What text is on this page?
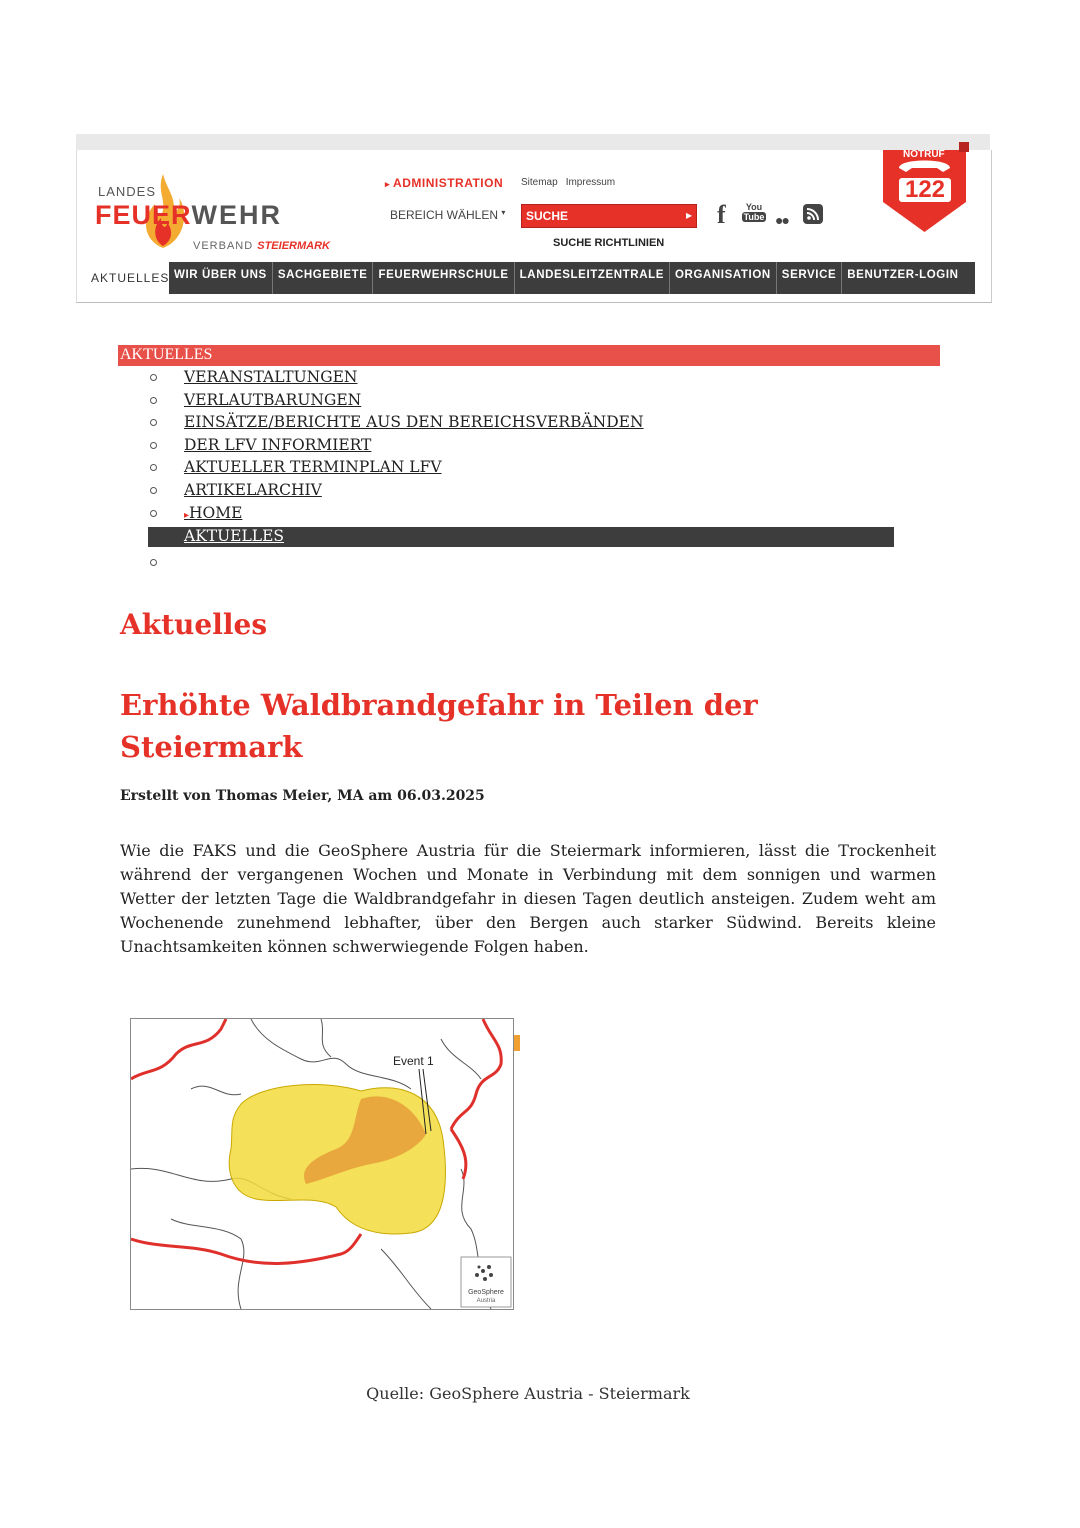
LANDES
FEUERWEHR
VERBAND STEIERMARK
▸ ADMINISTRATION Sitemap Impressum
BEREICH WÄHLEN ▾
SUCHE	▸
SUCHE RICHTLINIEN
f	You
Tube ●●
NOTRUF
122
AKTUELLES WIR ÜBER UNS SACHGEBIETE FEUERWEHRSCHULE LANDESLEITZENTRALE ORGANISATION SERVICE BENUTZER-LOGIN
AKTUELLES
VERANSTALTUNGEN
VERLAUTBARUNGEN
EINSÄTZE/BERICHTE AUS DEN BEREICHSVERBÄNDEN
DER LFV INFORMIERT
AKTUELLER TERMINPLAN LFV
ARTIKELARCHIV
▸HOME
AKTUELLES
Aktuelles
Erhöhte Waldbrandgefahr in Teilen der Steiermark
Erstellt von Thomas Meier, MA am 06.03.2025

Wie die FAKS und die GeoSphere Austria für die Steiermark informieren, lässt die Trockenheit während der vergangenen Wochen und Monate in Verbindung mit dem sonnigen und warmen Wetter der letzten Tage die Waldbrandgefahr in diesen Tagen deutlich ansteigen. Zudem weht am Wochenende zunehmend lebhafter, über den Bergen auch starker Südwind. Bereits kleine Unachtsamkeiten können schwerwiegende Folgen haben.

Event 1
GeoSphere
Austria
Quelle: GeoSphere Austria - Steiermark
